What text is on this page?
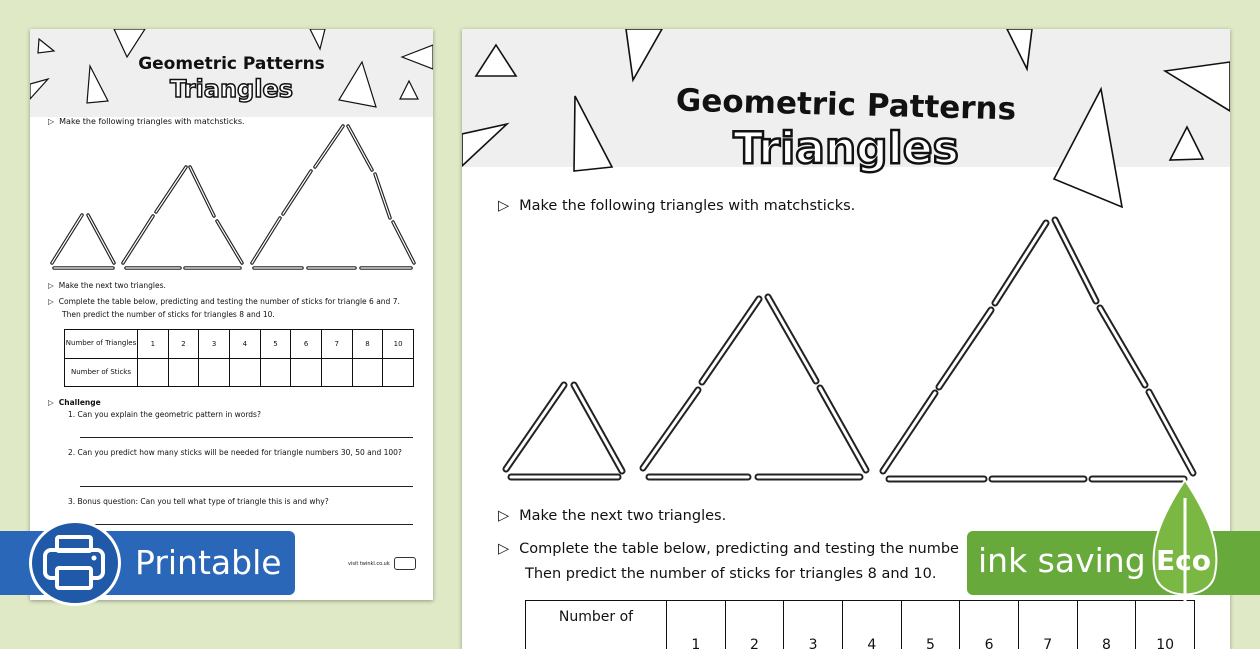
Geometric Patterns
Triangles
▷ Make the following triangles with matchsticks.
▷ Make the next two triangles.
▷ Complete the table below, predicting and testing the number of sticks for triangle 6 and 7.
Then predict the number of sticks for triangles 8 and 10.
Number of Triangles	1	2	3	4	5	6	7	8	10
Number of Sticks									
▷ Challenge
1. Can you explain the geometric pattern in words?
2. Can you predict how many sticks will be needed for triangle numbers 30, 50 and 100?
3. Bonus question: Can you tell what type of triangle this is and why?
visit twinkl.co.uk
Geometric Patterns
Triangles
▷ Make the following triangles with matchsticks.
▷ Make the next two triangles.
▷ Complete the table below, predicting and testing the numbe
Then predict the number of sticks for triangles 8 and 10.
Number of	1	2	3	4	5	6	7	8	10
Printable	ink saving Eco
